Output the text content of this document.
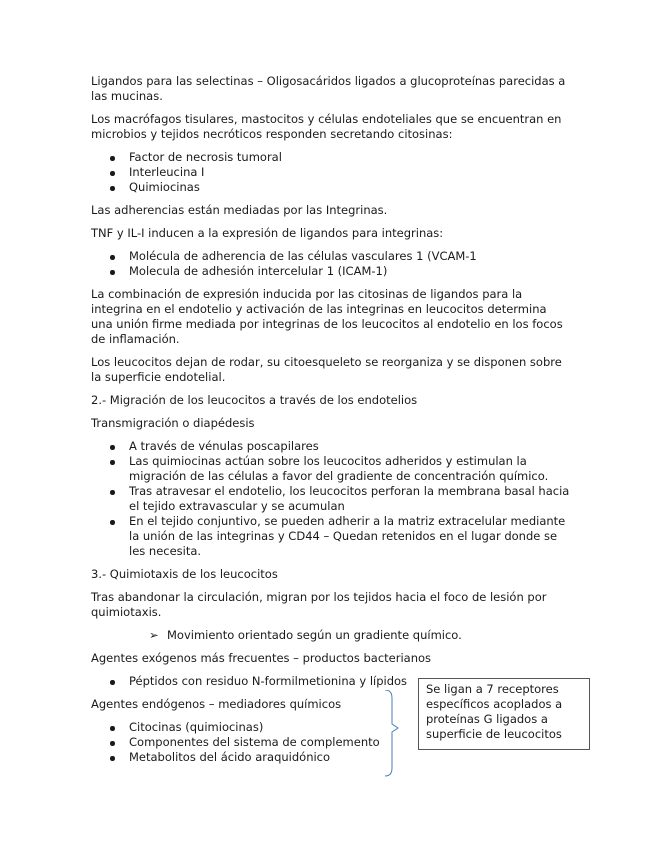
Ligandos para las selectinas – Oligosacáridos ligados a glucoproteínas parecidas a las mucinas.

Los macrófagos tisulares, mastocitos y células endoteliales que se encuentran en microbios y tejidos necróticos responden secretando citosinas:

Factor de necrosis tumoral
Interleucina I
Quimiocinas

Las adherencias están mediadas por las Integrinas.

TNF y IL-I inducen a la expresión de ligandos para integrinas:

Molécula de adherencia de las células vasculares 1 (VCAM-1
Molecula de adhesión intercelular 1 (ICAM-1)

La combinación de expresión inducida por las citosinas de ligandos para la integrina en el endotelio y activación de las integrinas en leucocitos determina una unión firme mediada por integrinas de los leucocitos al endotelio en los focos de inflamación.

Los leucocitos dejan de rodar, su citoesqueleto se reorganiza y se disponen sobre la superficie endotelial.

2.- Migración de los leucocitos a través de los endotelios

Transmigración o diapédesis

A través de vénulas poscapilares
Las quimiocinas actúan sobre los leucocitos adheridos y estimulan la migración de las células a favor del gradiente de concentración químico.
Tras atravesar el endotelio, los leucocitos perforan la membrana basal hacia el tejido extravascular y se acumulan
En el tejido conjuntivo, se pueden adherir a la matriz extracelular mediante la unión de las integrinas y CD44 – Quedan retenidos en el lugar donde se les necesita.

3.- Quimiotaxis de los leucocitos

Tras abandonar la circulación, migran por los tejidos hacia el foco de lesión por quimiotaxis.

➢ Movimiento orientado según un gradiente químico.

Agentes exógenos más frecuentes – productos bacterianos

Péptidos con residuo N-formilmetionina y lípidos

Agentes endógenos – mediadores químicos

Citocinas (quimiocinas)
Componentes del sistema de complemento
Metabolitos del ácido araquidónico
Se ligan a 7 receptores específicos acoplados a proteínas G ligados a superficie de leucocitos
